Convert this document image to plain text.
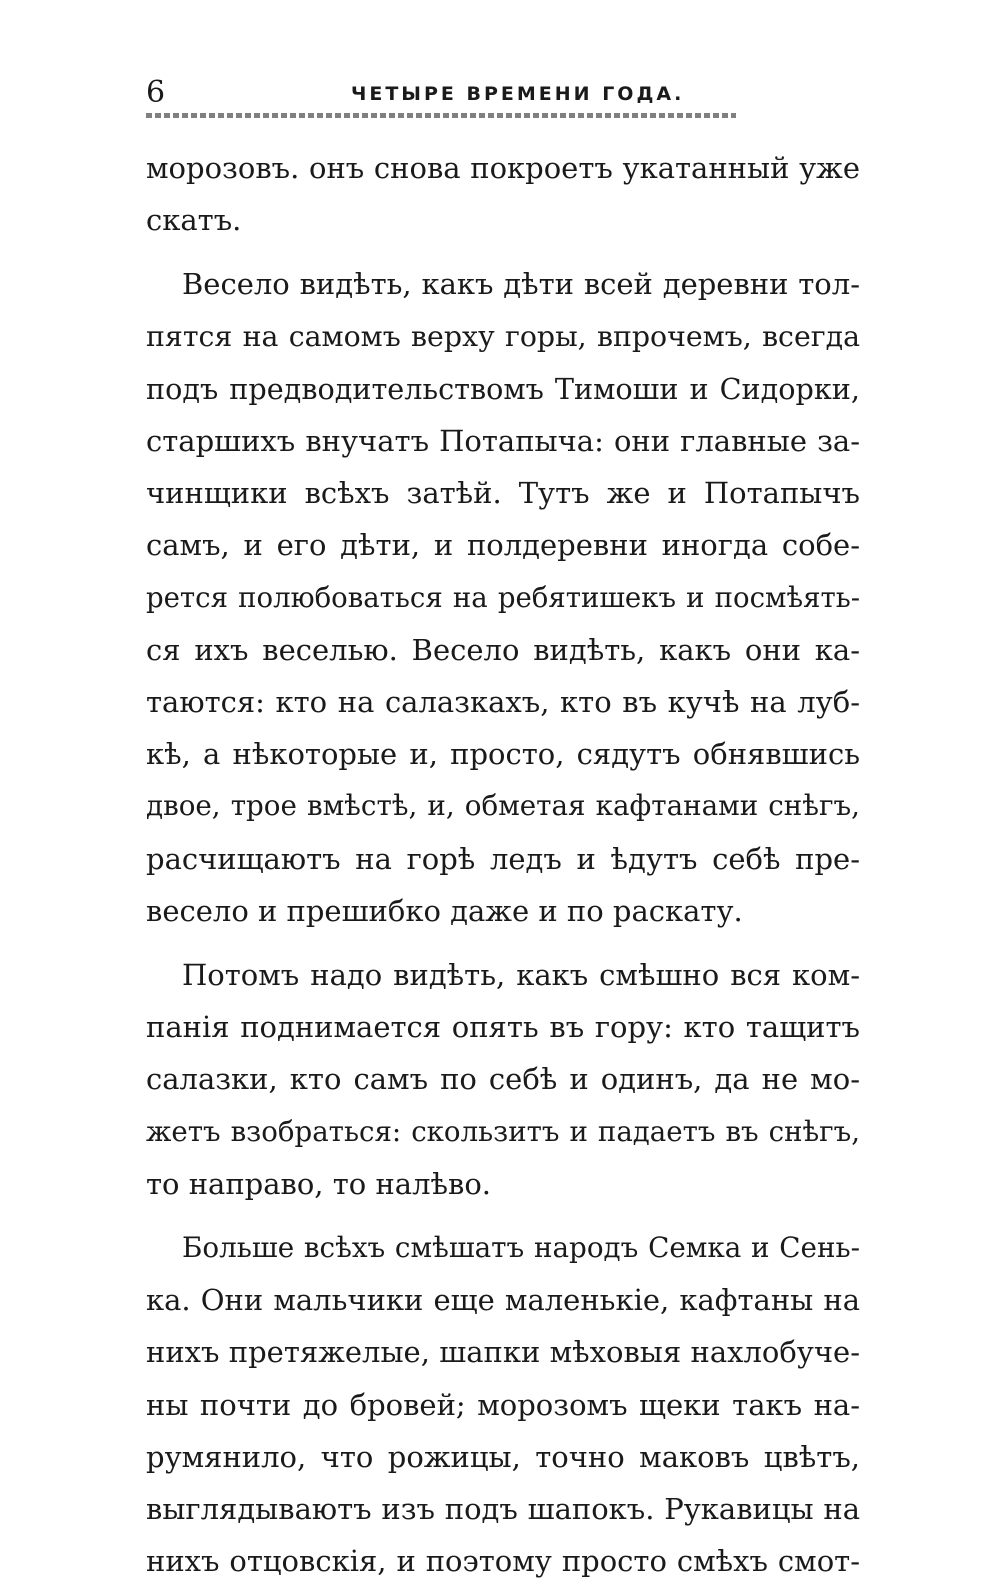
6	ЧЕТЫРЕ ВРЕМЕНИ ГОДА.
морозовъ. онъ снова покроетъ укатанный уже
скатъ.
Весело видѣть, какъ дѣти всей деревни тол-
пятся на самомъ верху горы, впрочемъ, всегда
подъ предводительствомъ Тимоши и Сидорки,
старшихъ внучатъ Потапыча: они главные за-
чинщики всѣхъ затѣй. Тутъ же и Потапычъ
самъ, и его дѣти, и полдеревни иногда собе-
рется полюбоваться на ребятишекъ и посмѣять-
ся ихъ веселью. Весело видѣть, какъ они ка-
таются: кто на салазкахъ, кто въ кучѣ на луб-
кѣ, а нѣкоторые и, просто, сядутъ обнявшись
двое, трое вмѣстѣ, и, обметая кафтанами снѣгъ,
расчищаютъ на горѣ ледъ и ѣдутъ себѣ пре-
весело и прешибко даже и по раскату.
Потомъ надо видѣть, какъ смѣшно вся ком-
панія поднимается опять въ гору: кто тащитъ
салазки, кто самъ по себѣ и одинъ, да не мо-
жетъ взобраться: скользитъ и падаетъ въ снѣгъ,
то направо, то налѣво.
Больше всѣхъ смѣшатъ народъ Семка и Сень-
ка. Они мальчики еще маленькіе, кафтаны на
нихъ претяжелые, шапки мѣховыя нахлобуче-
ны почти до бровей; морозомъ щеки такъ на-
румянило, что рожицы, точно маковъ цвѣтъ,
выглядываютъ изъ подъ шапокъ. Рукавицы на
нихъ отцовскія, и поэтому просто смѣхъ смот-
